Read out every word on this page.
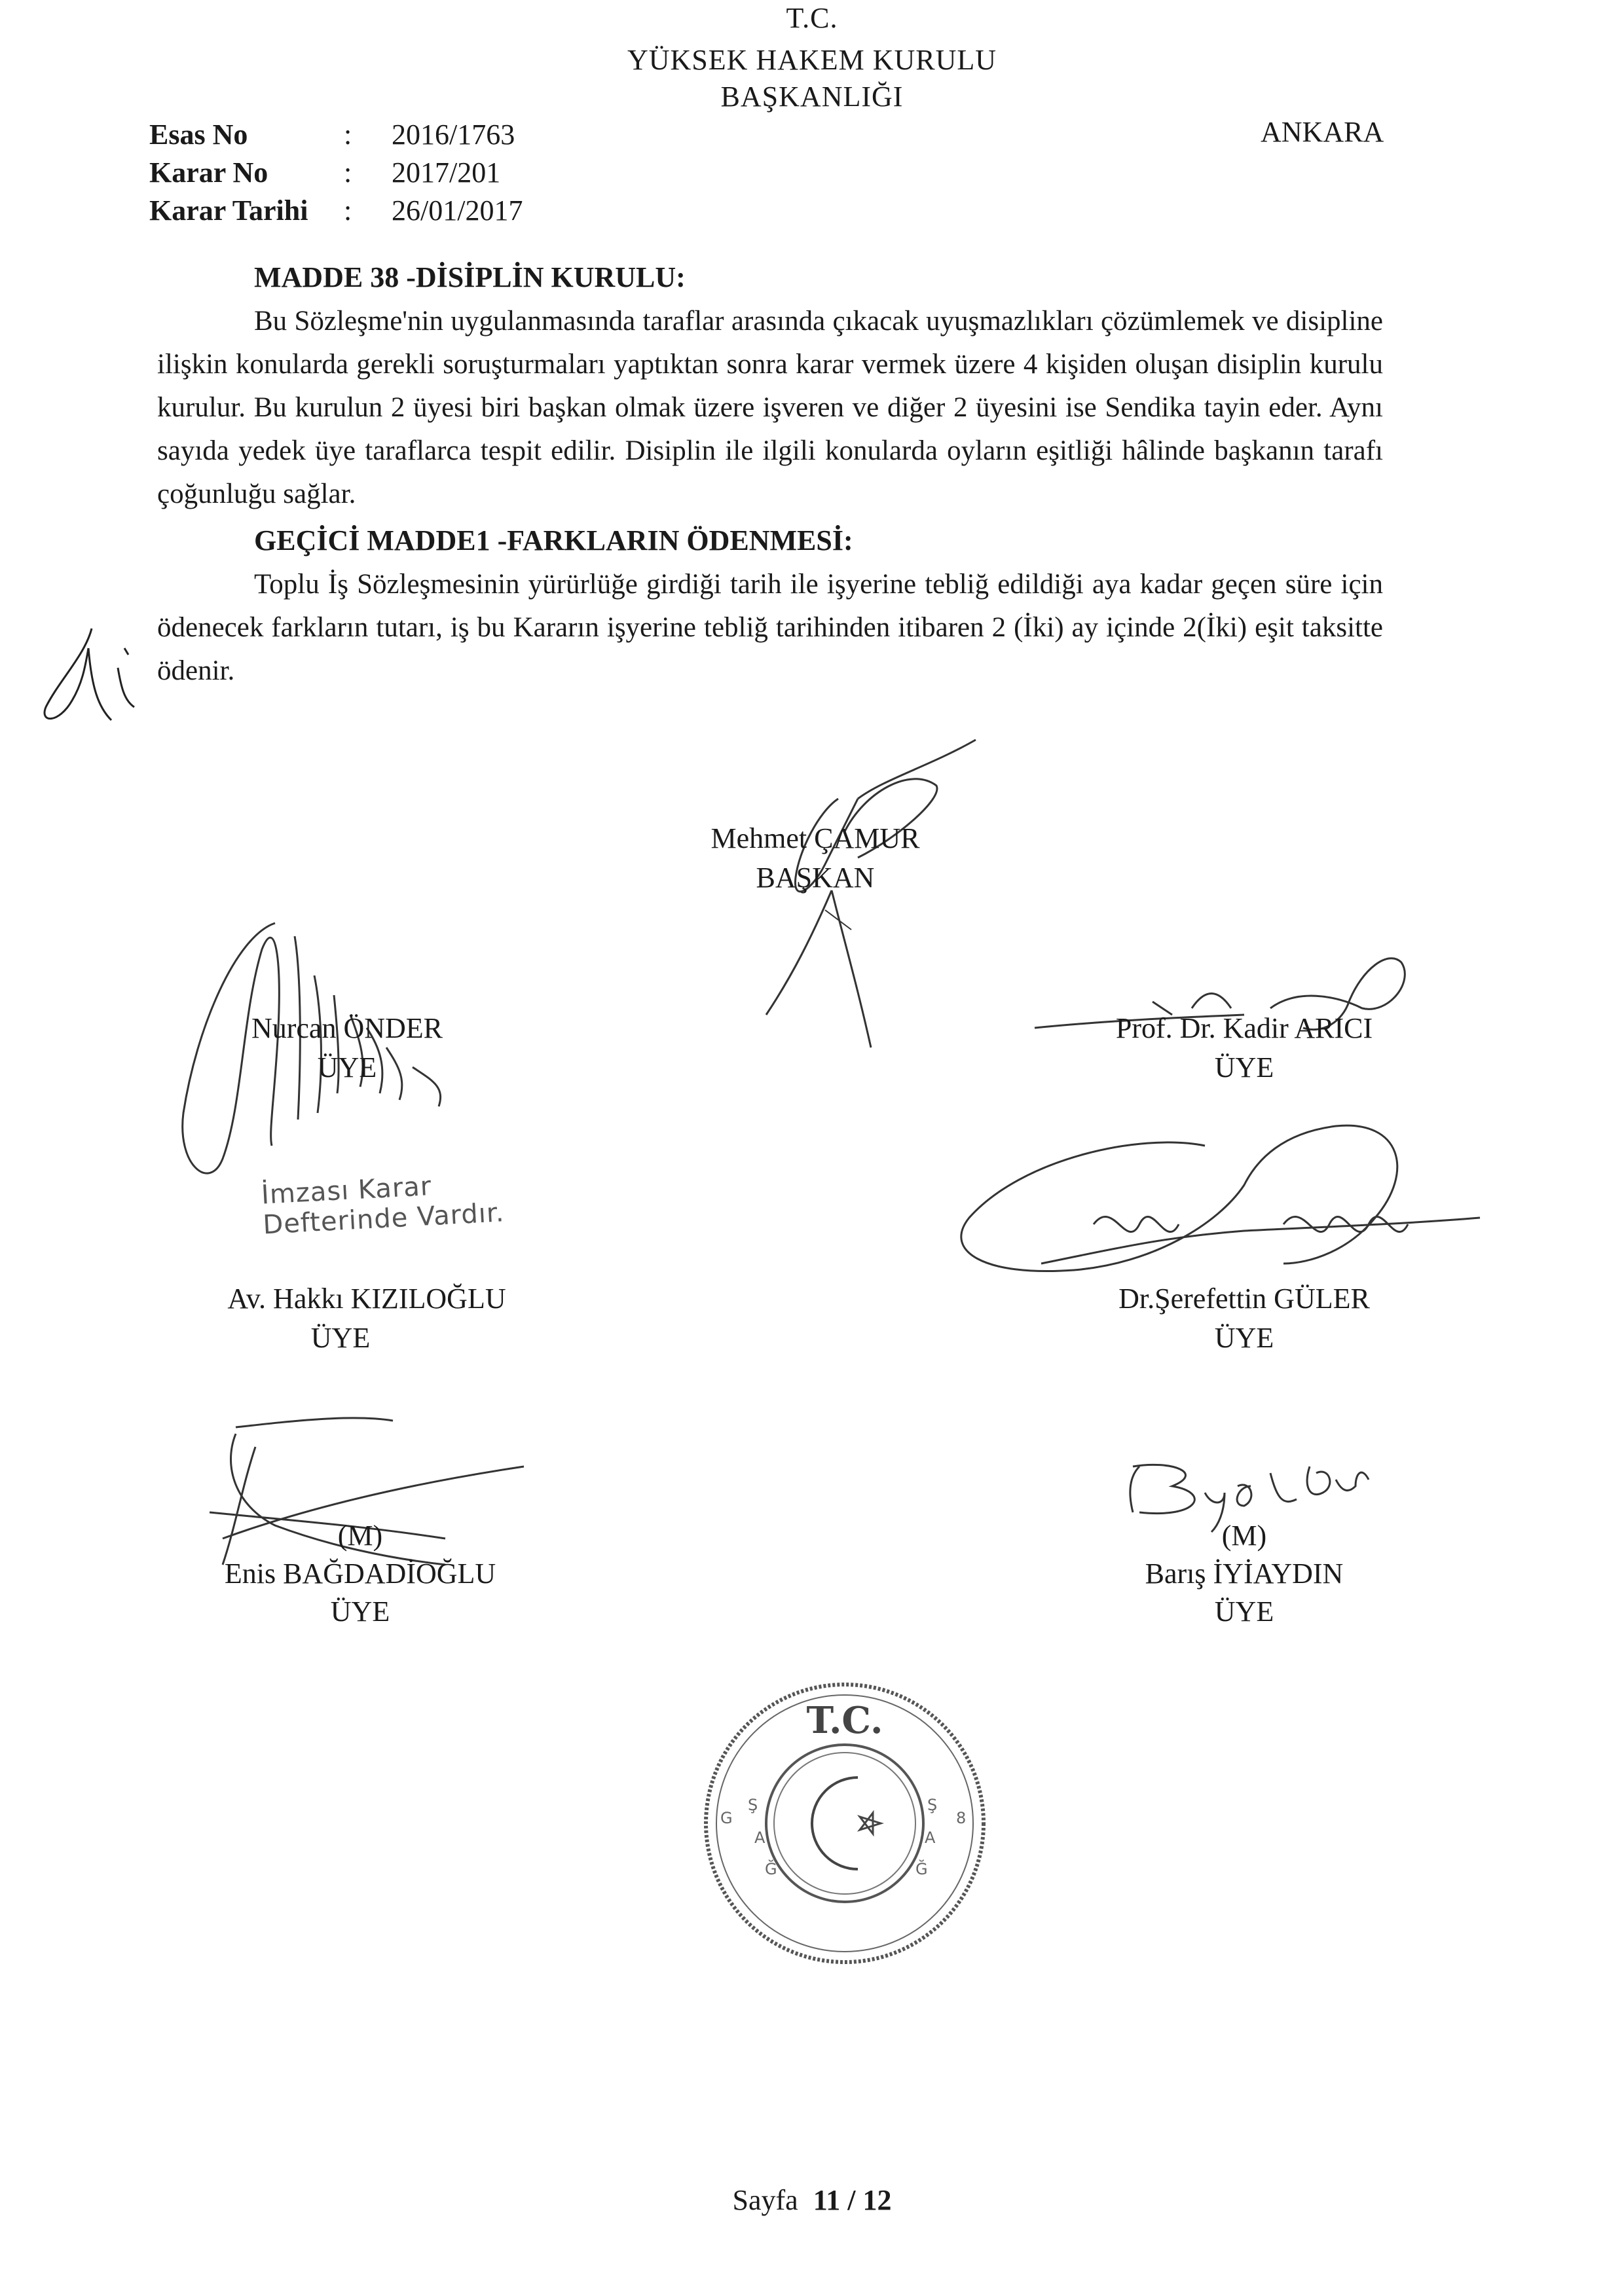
T.C.
YÜKSEK HAKEM KURULU
BAŞKANLIĞI
Esas No	: 2016/1763
Karar No	: 2017/201
Karar Tarihi : 26/01/2017
ANKARA
MADDE 38 -DİSİPLİN KURULU:

Bu Sözleşme'nin uygulanmasında taraflar arasında çıkacak uyuşmazlıkları çözümlemek ve disipline ilişkin konularda gerekli soruşturmaları yaptıktan sonra karar vermek üzere 4 kişiden oluşan disiplin kurulu kurulur. Bu kurulun 2 üyesi biri başkan olmak üzere işveren ve diğer 2 üyesini ise Sendika tayin eder. Aynı sayıda yedek üye taraflarca tespit edilir. Disiplin ile ilgili konularda oyların eşitliği hâlinde başkanın tarafı çoğunluğu sağlar.

GEÇİCİ MADDE1 -FARKLARIN ÖDENMESİ:

Toplu İş Sözleşmesinin yürürlüğe girdiği tarih ile işyerine tebliğ edildiği aya kadar geçen süre için ödenecek farkların tutarı, iş bu Kararın işyerine tebliğ tarihinden itibaren 2 (İki) ay içinde 2(İki) eşit taksitte ödenir.

Mehmet ÇAMUR
BAŞKAN
Nurcan ÖNDER
ÜYE
İmzası Karar Defterinde Vardır.
Prof. Dr. Kadir ARICI
ÜYE
Av. Hakkı KIZILOĞLU
ÜYE
Dr.Şerefettin GÜLER
ÜYE
(M)
Enis BAĞDADİOĞLU
ÜYE
(M)
Barış İYİAYDIN
ÜYE
T.C.
Ş
A
Ğ
Ş
A
Ğ
G	8
Sayfa 11 / 12
